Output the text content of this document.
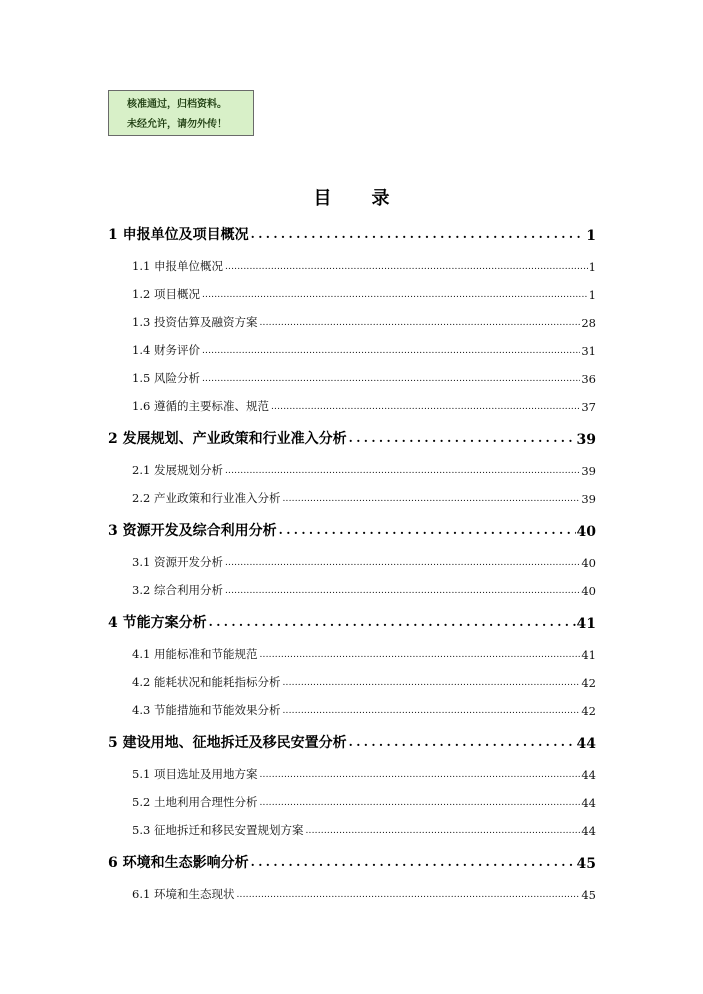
核准通过，归档资料。
未经允许，请勿外传！
目 录
1 申报单位及项目概况 .....	1
1.1 申报单位概况 .....	1
1.2 项目概况 .....	1
1.3 投资估算及融资方案 .....	28
1.4 财务评价 .....	31
1.5 风险分析 .....	36
1.6 遵循的主要标准、规范 .....	37
2 发展规划、产业政策和行业准入分析 .....	39
2.1 发展规划分析 .....	39
2.2 产业政策和行业准入分析 .....	39
3 资源开发及综合利用分析 .....	40
3.1 资源开发分析 .....	40
3.2 综合利用分析 .....	40
4 节能方案分析 .....	41
4.1 用能标准和节能规范 .....	41
4.2 能耗状况和能耗指标分析 .....	42
4.3 节能措施和节能效果分析 .....	42
5 建设用地、征地拆迁及移民安置分析 .....	44
5.1 项目选址及用地方案 .....	44
5.2 土地利用合理性分析 .....	44
5.3 征地拆迁和移民安置规划方案 .....	44
6 环境和生态影响分析 .....	45
6.1 环境和生态现状 .....	45
